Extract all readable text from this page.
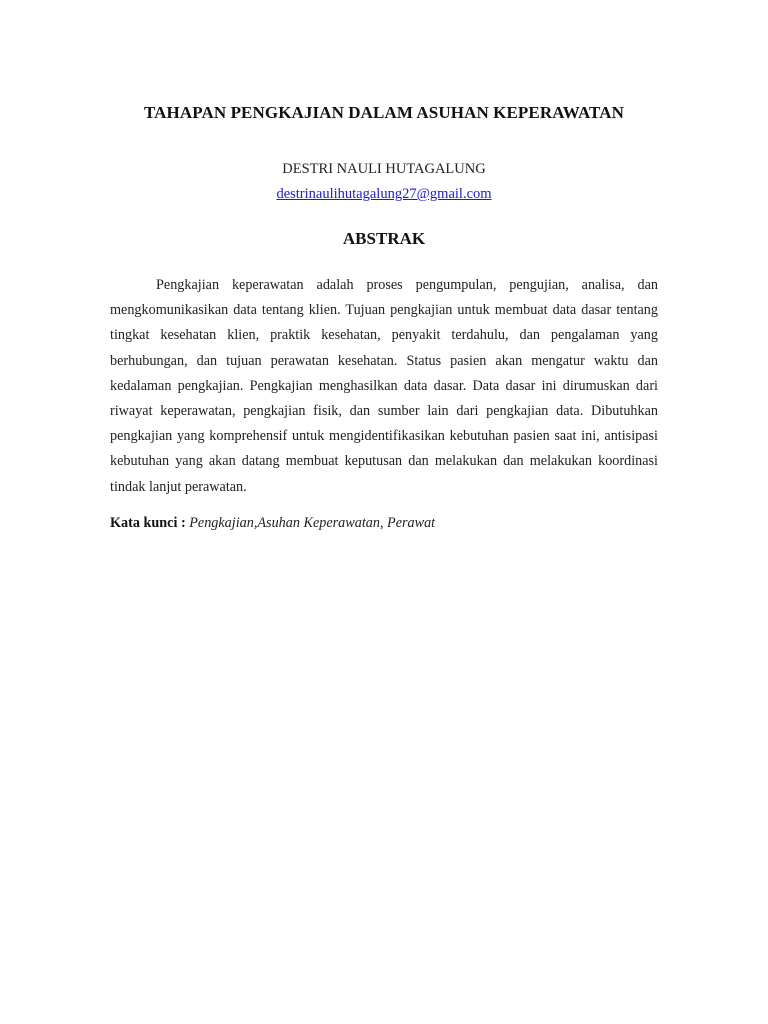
TAHAPAN PENGKAJIAN DALAM ASUHAN KEPERAWATAN
DESTRI NAULI HUTAGALUNG
destrinaulihutagalung27@gmail.com
ABSTRAK

Pengkajian keperawatan adalah proses pengumpulan, pengujian, analisa, dan mengkomunikasikan data tentang klien. Tujuan pengkajian untuk membuat data dasar tentang tingkat kesehatan klien, praktik kesehatan, penyakit terdahulu, dan pengalaman yang berhubungan, dan tujuan perawatan kesehatan. Status pasien akan mengatur waktu dan kedalaman pengkajian. Pengkajian menghasilkan data dasar. Data dasar ini dirumuskan dari riwayat keperawatan, pengkajian fisik, dan sumber lain dari pengkajian data. Dibutuhkan pengkajian yang komprehensif untuk mengidentifikasikan kebutuhan pasien saat ini, antisipasi kebutuhan yang akan datang membuat keputusan dan melakukan dan melakukan koordinasi tindak lanjut perawatan.

Kata kunci : Pengkajian,Asuhan Keperawatan, Perawat
